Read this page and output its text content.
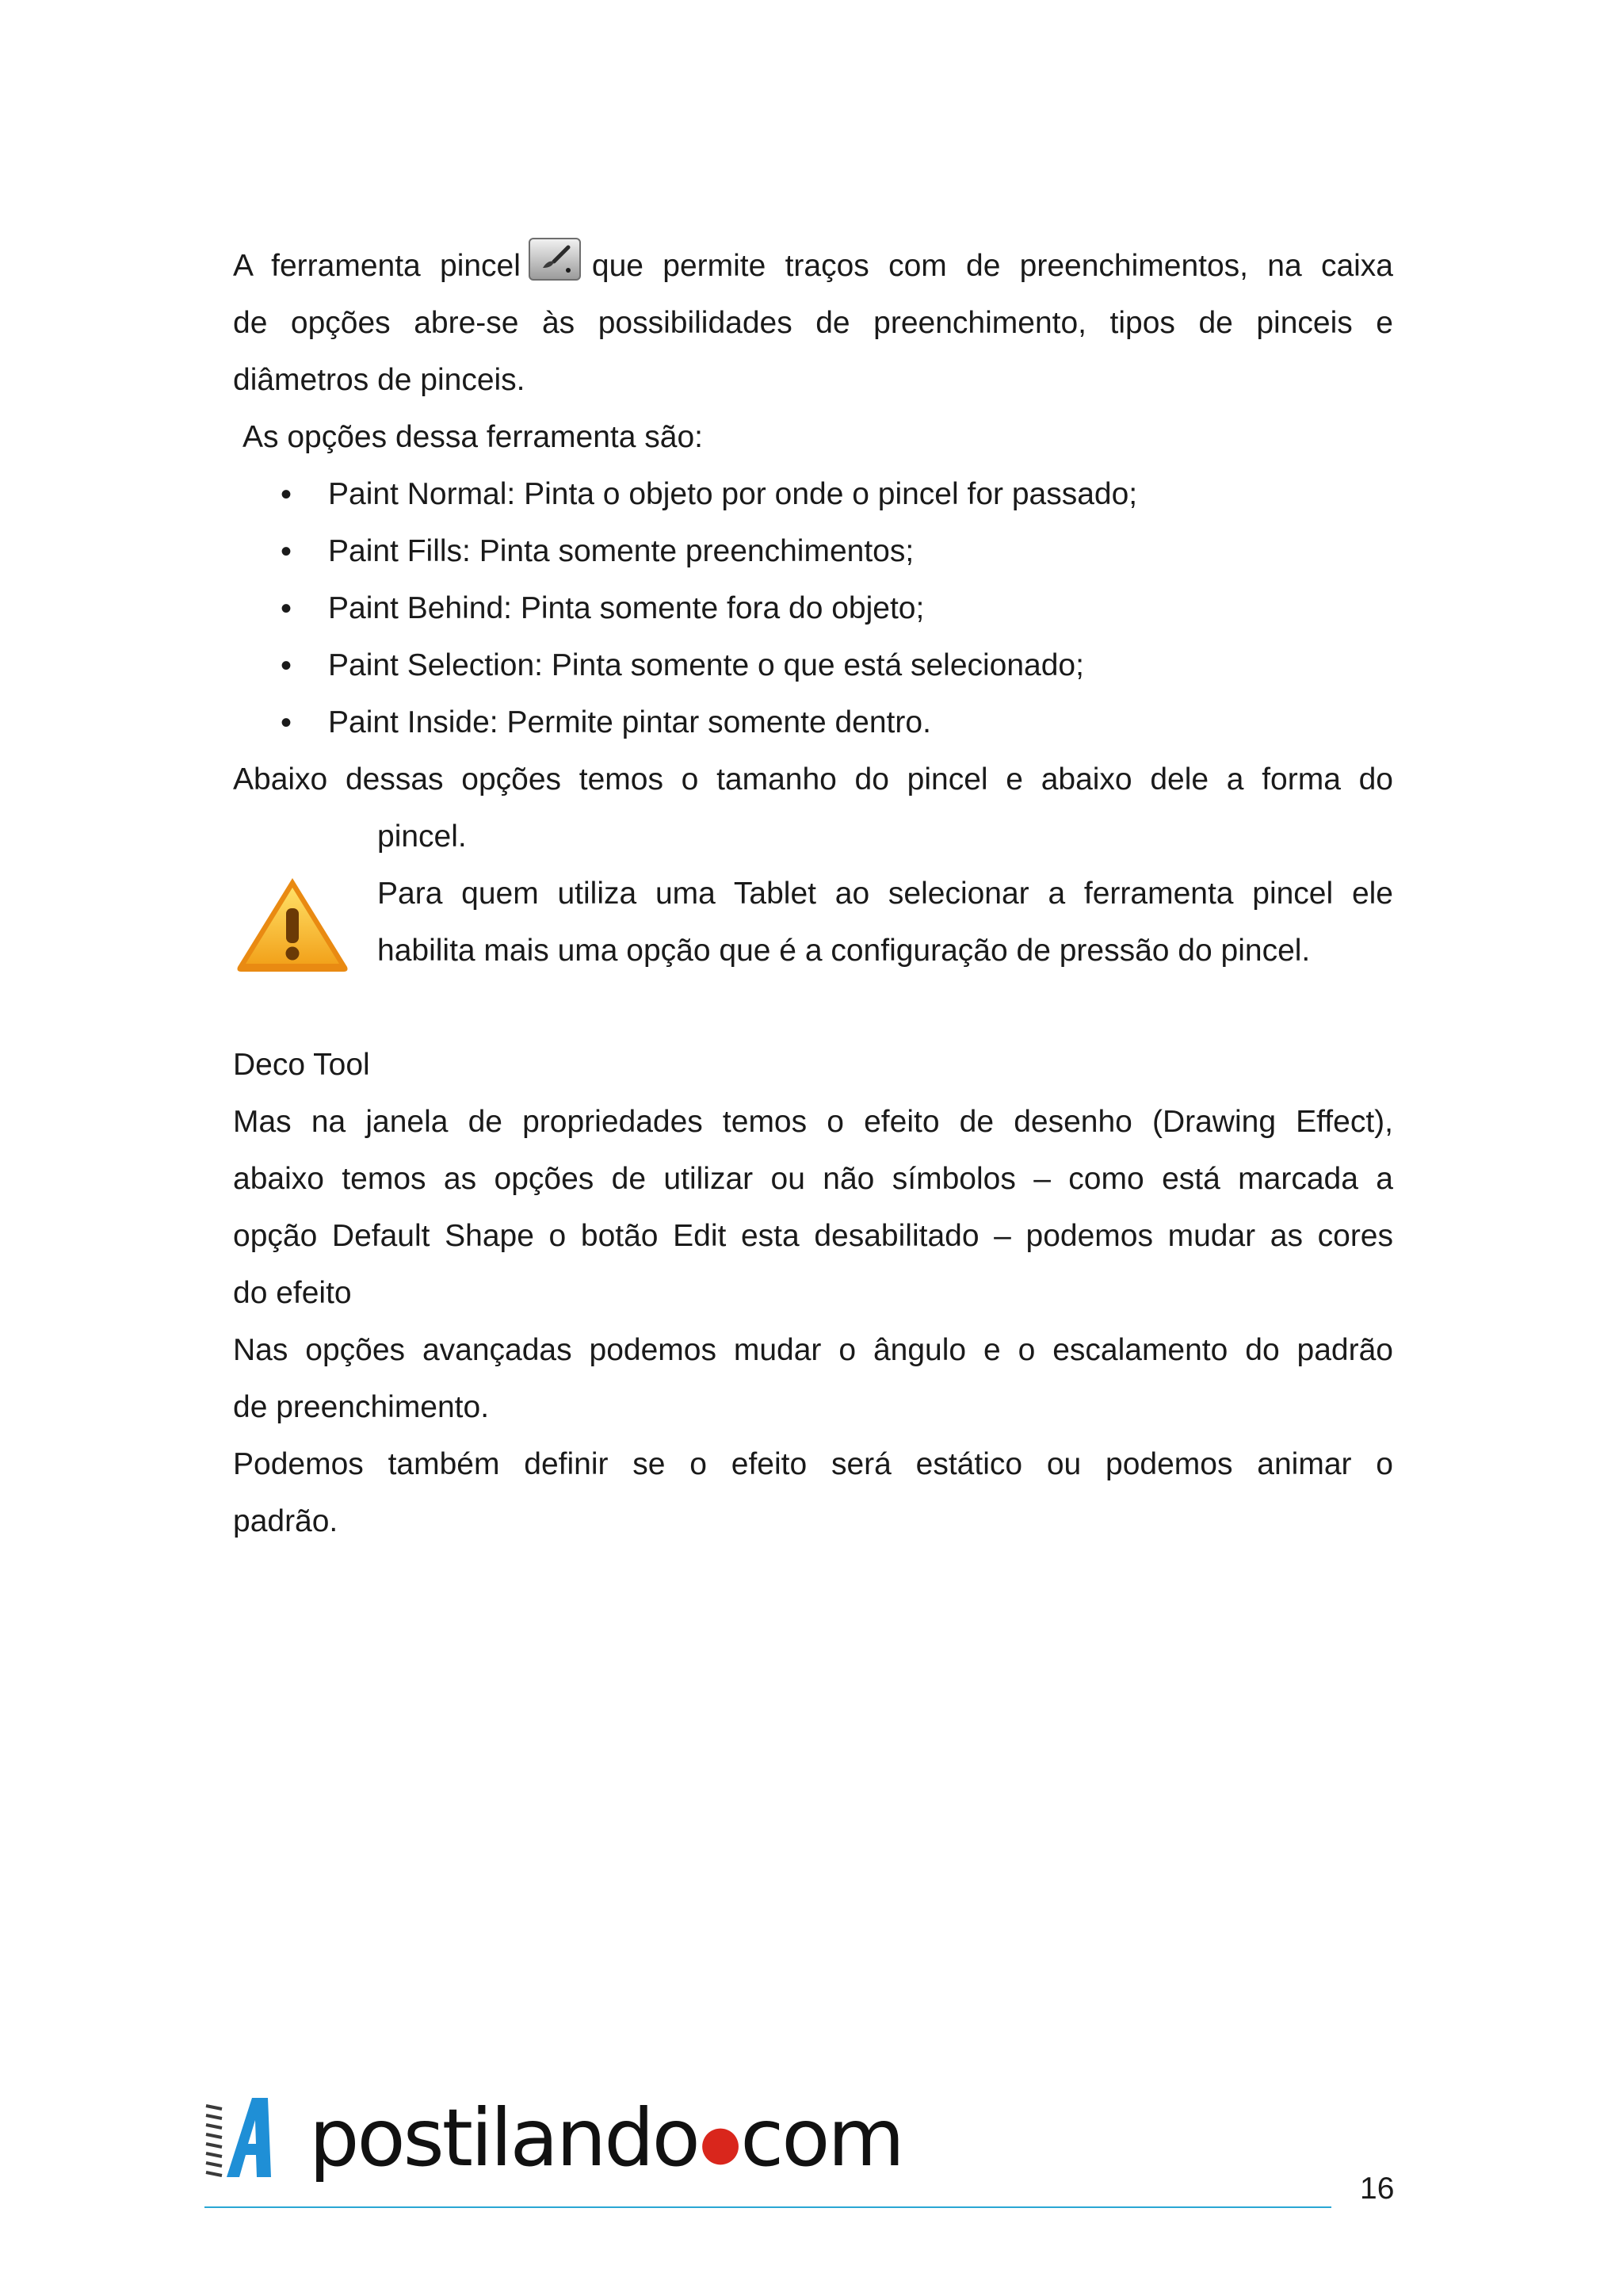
A ferramenta pincel que permite traços com de preenchimentos, na caixa

de opções abre-se às possibilidades de preenchimento, tipos de pinceis e

diâmetros de pinceis.

As opções dessa ferramenta são:

• Paint Normal: Pinta o objeto por onde o pincel for passado;
• Paint Fills: Pinta somente preenchimentos;
• Paint Behind: Pinta somente fora do objeto;
• Paint Selection: Pinta somente o que está selecionado;
• Paint Inside: Permite pintar somente dentro.

Abaixo dessas opções temos o tamanho do pincel e abaixo dele a forma do

pincel.

Para quem utiliza uma Tablet ao selecionar a ferramenta pincel ele

habilita mais uma opção que é a configuração de pressão do pincel.

Deco Tool

Mas na janela de propriedades temos o efeito de desenho (Drawing Effect),

abaixo temos as opções de utilizar ou não símbolos – como está marcada a

opção Default Shape o botão Edit esta desabilitado – podemos mudar as cores

do efeito

Nas opções avançadas podemos mudar o ângulo e o escalamento do padrão

de preenchimento.

Podemos também definir se o efeito será estático ou podemos animar o

padrão.

postilando●com
16
